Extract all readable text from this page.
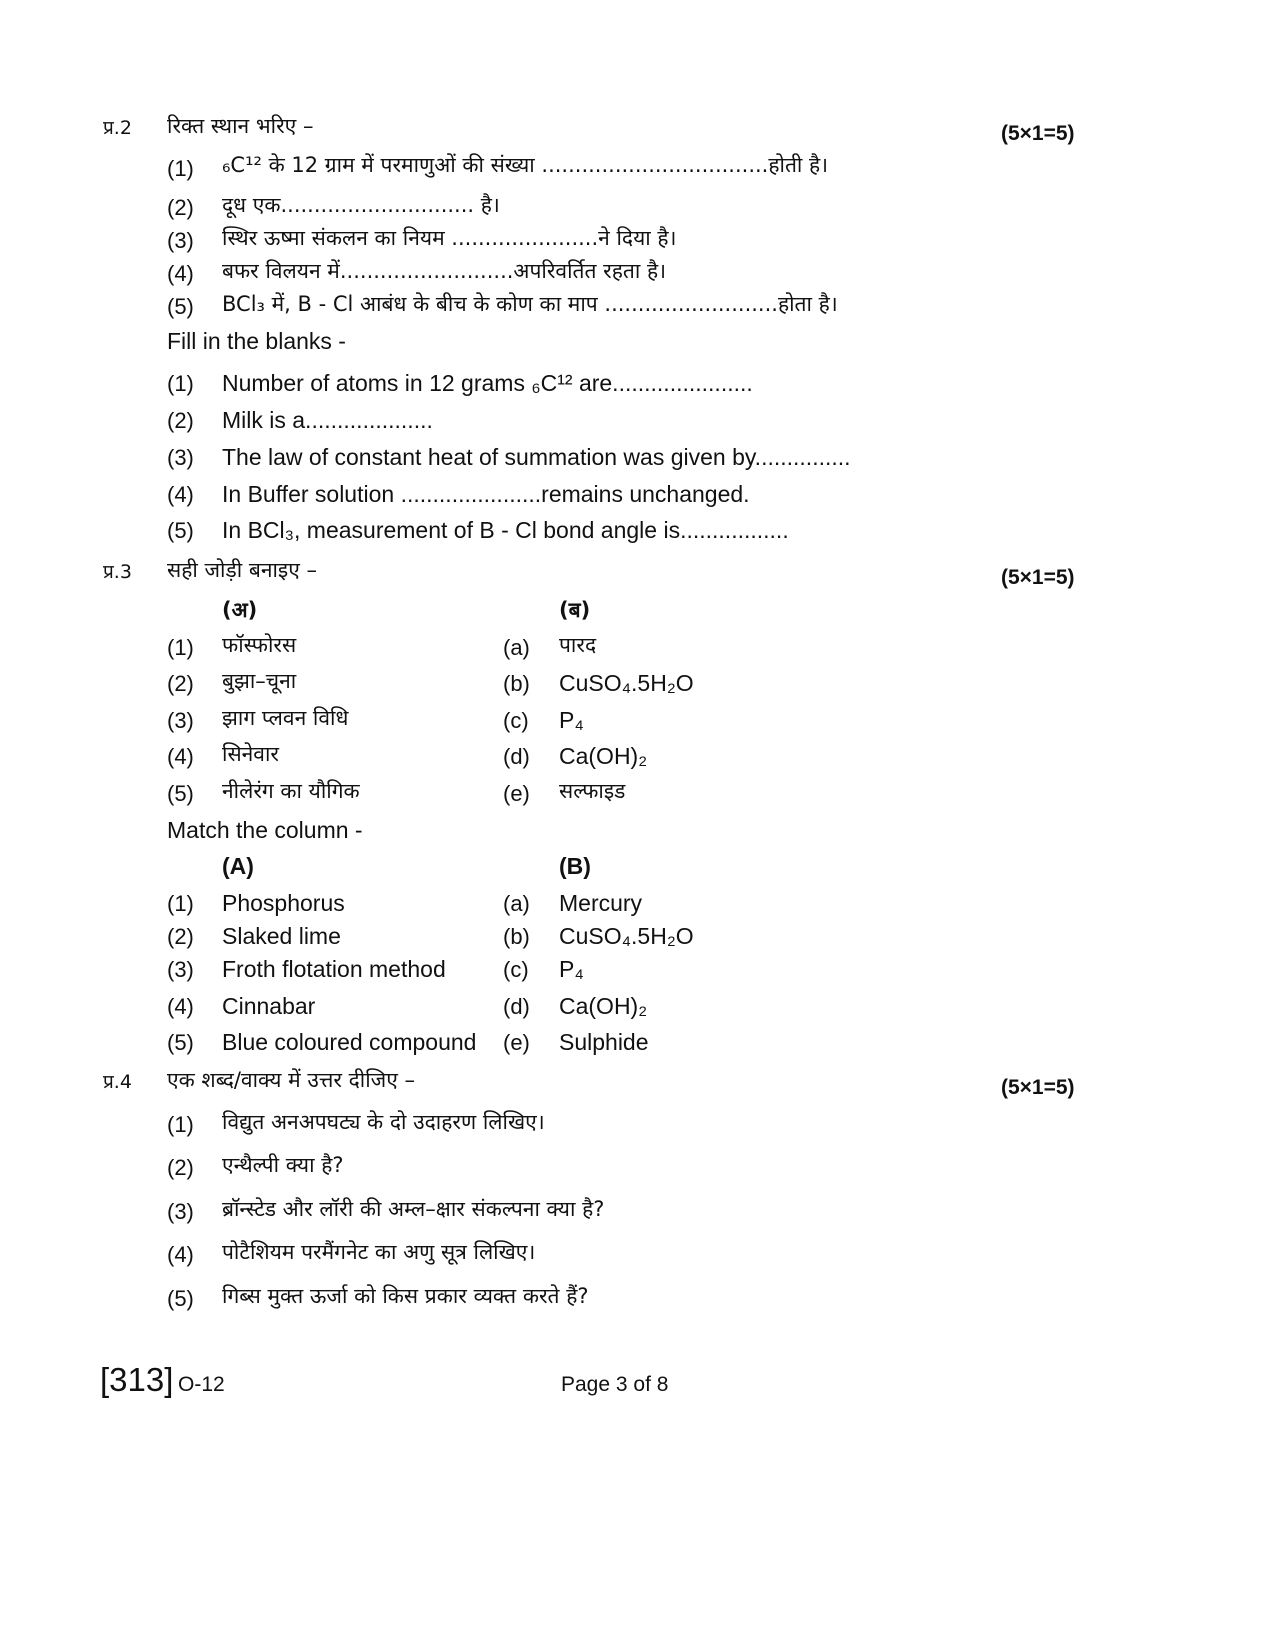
प्र.2 रिक्त स्थान भरिए –	(5×1=5)
(1) ₆C¹² के 12 ग्राम में परमाणुओं की संख्या ..................................होती है।
(2) दूध एक............................. है।
(3) स्थिर ऊष्मा संकलन का नियम ......................ने दिया है।
(4) बफर विलयन में..........................अपरिवर्तित रहता है।
(5) BCl₃ में, B - Cl आबंध के बीच के कोण का माप ..........................होता है।
Fill in the blanks -
(1) Number of atoms in 12 grams ₆C¹² are......................
(2) Milk is a....................
(3) The law of constant heat of summation was given by...............
(4) In Buffer solution ......................remains unchanged.
(5) In BCl₃, measurement of B - Cl bond angle is.................
प्र.3 सही जोड़ी बनाइए –	(5×1=5)
(अ)	(ब)
(1) फॉस्फोरस	(a) पारद
(2) बुझा–चूना	(b) CuSO₄.5H₂O
(3) झाग प्लवन विधि	(c) P₄
(4) सिनेवार	(d) Ca(OH)₂
(5) नीलेरंग का यौगिक	(e) सल्फाइड
Match the column -
(A)	(B)
(1) Phosphorus	(a) Mercury
(2) Slaked lime	(b) CuSO₄.5H₂O
(3) Froth flotation method	(c) P₄
(4) Cinnabar	(d) Ca(OH)₂
(5) Blue coloured compound (e) Sulphide
प्र.4 एक शब्द/वाक्य में उत्तर दीजिए –	(5×1=5)
(1) विद्युत अनअपघट्य के दो उदाहरण लिखिए।
(2) एन्थैल्पी क्या है?
(3) ब्रॉन्स्टेड और लॉरी की अम्ल–क्षार संकल्पना क्या है?
(4) पोटैशियम परमैंगनेट का अणु सूत्र लिखिए।
(5) गिब्स मुक्त ऊर्जा को किस प्रकार व्यक्त करते हैं?
[313] O-12	Page 3 of 8
